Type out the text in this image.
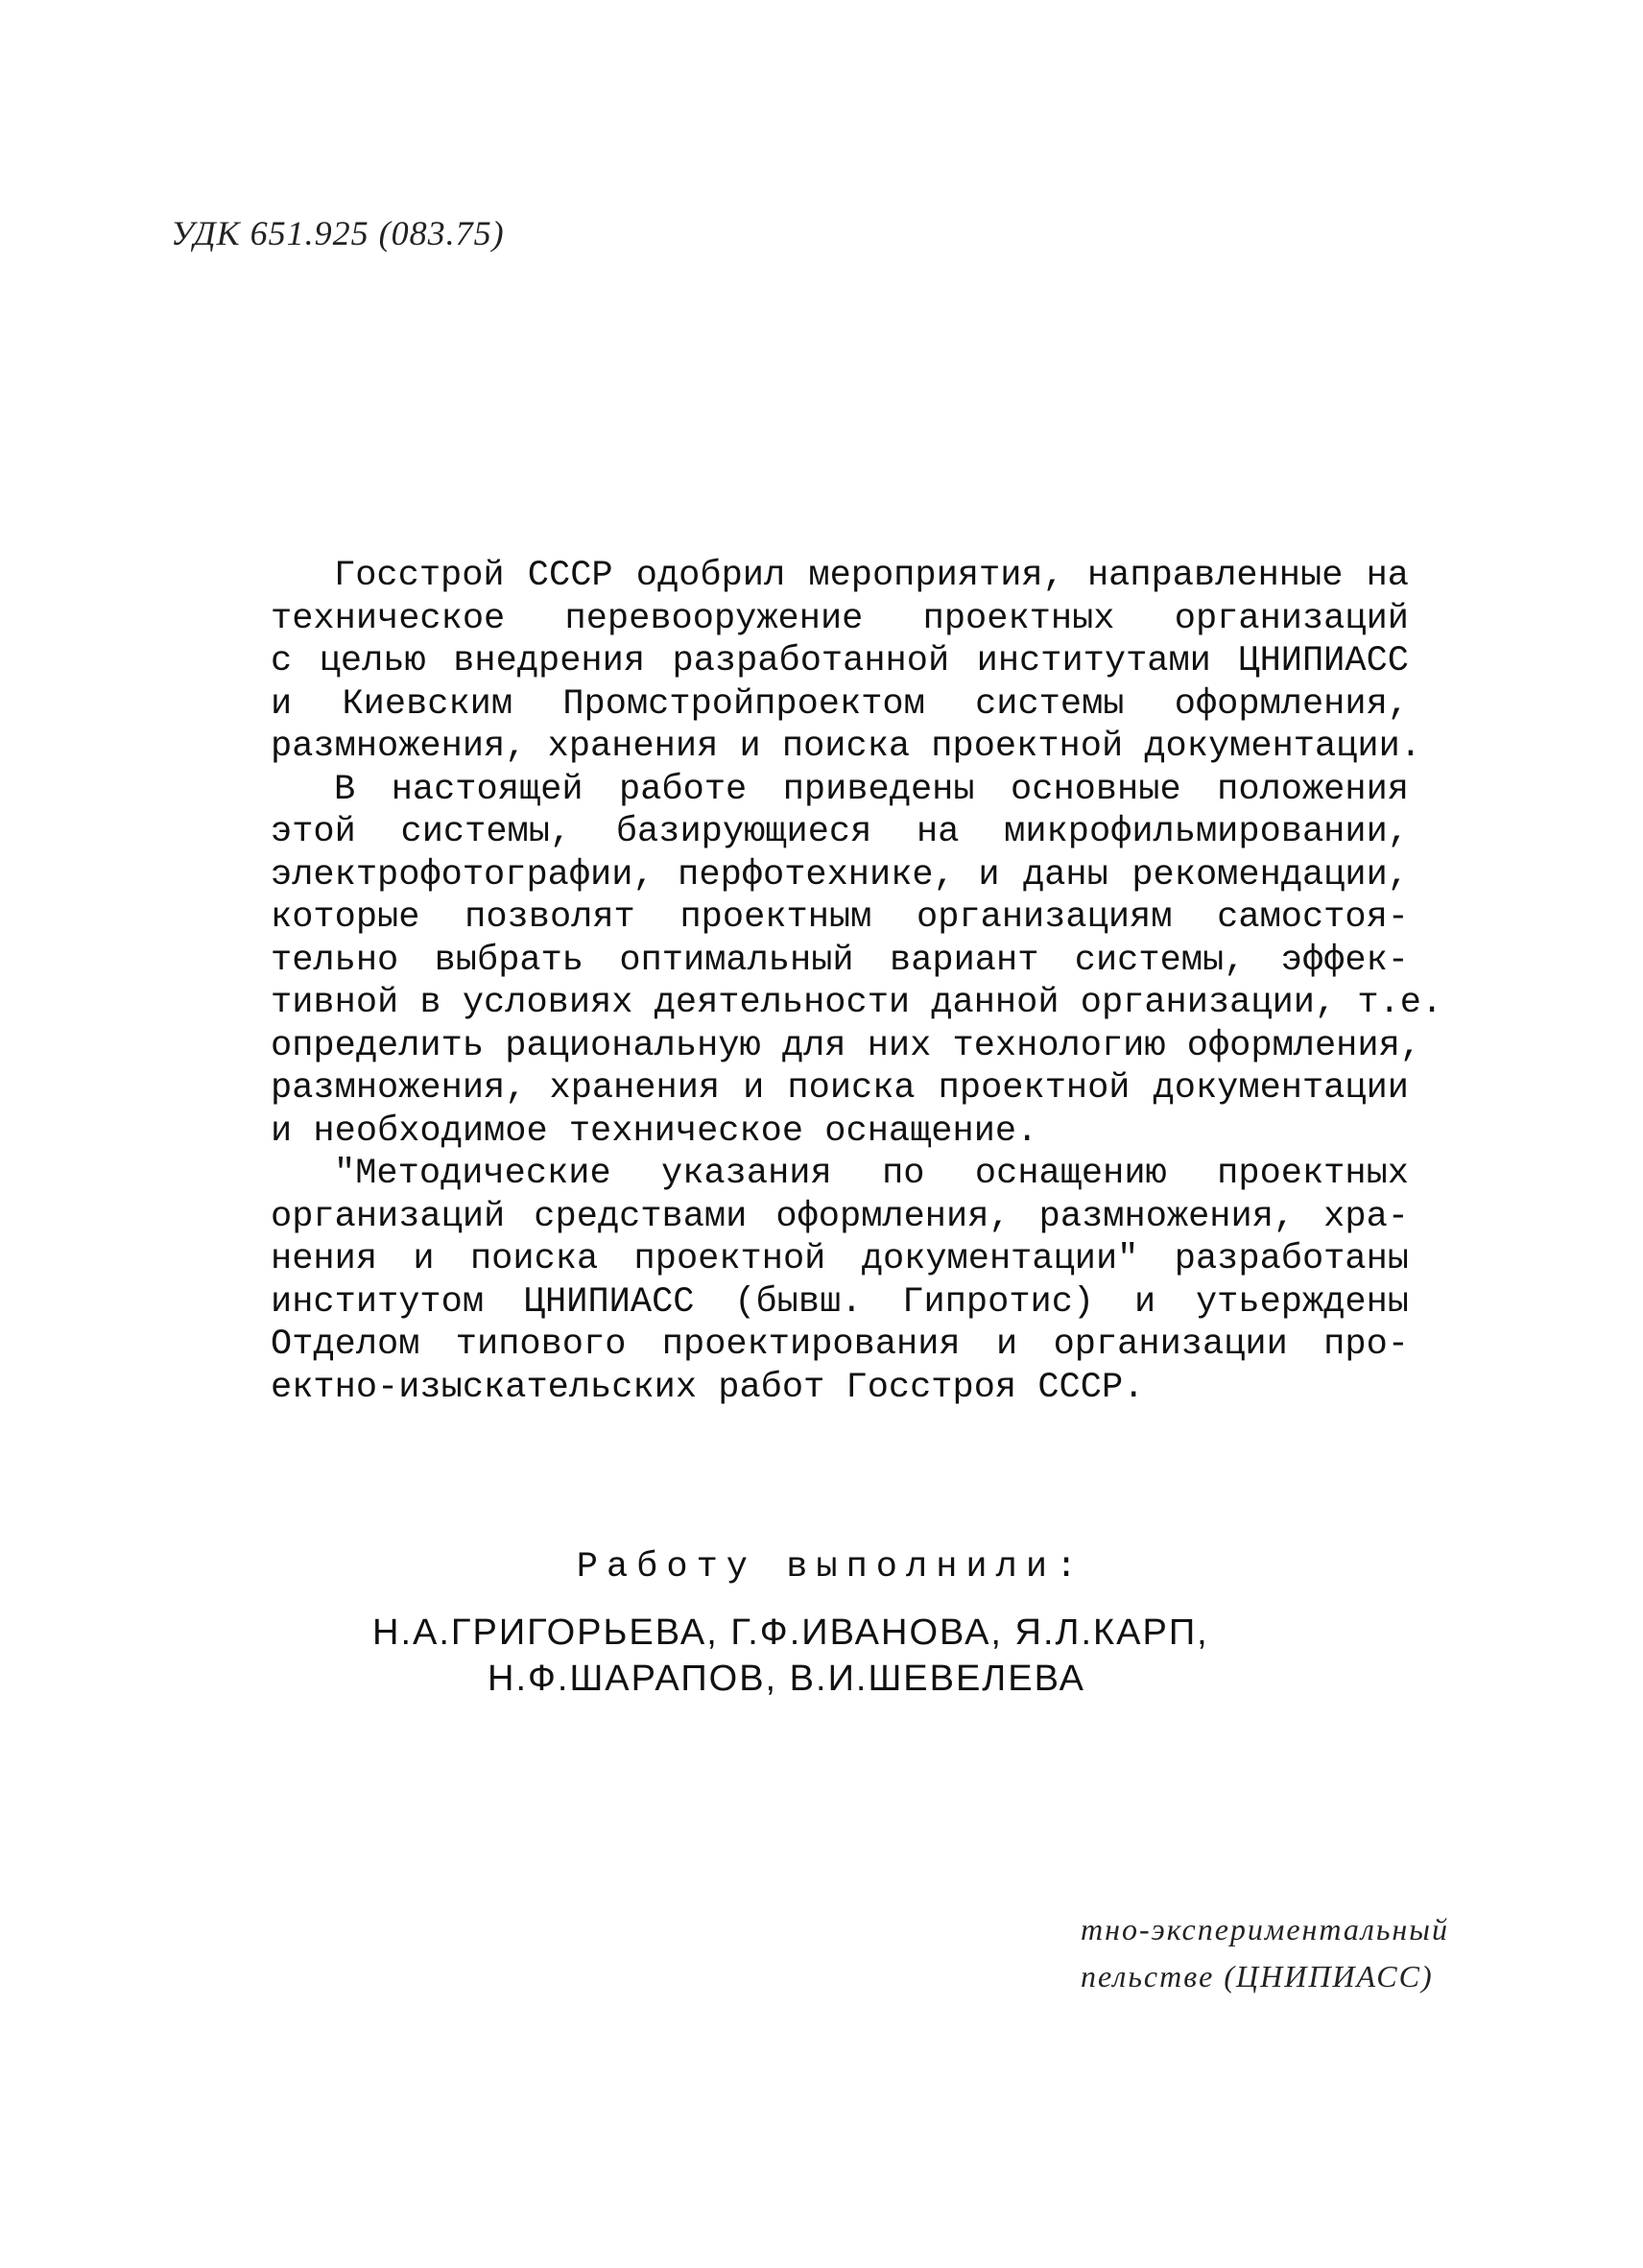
УДК 651.925 (083.75)
Госстрой СССР одобрил мероприятия, направленные на
техническое перевооружение проектных организаций
с целью внедрения разработанной институтами ЦНИПИАСС
и Киевским Промстройпроектом системы оформления,
размножения, хранения и поиска проектной документации.
В настоящей работе приведены основные положения
этой системы, базирующиеся на микрофильмировании,
электрофотографии, перфотехнике, и даны рекомендации,
которые позволят проектным организациям самостоя-
тельно выбрать оптимальный вариант системы, эффек-
тивной в условиях деятельности данной организации, т.е.
определить рациональную для них технологию оформления,
размножения, хранения и поиска проектной документации
и необходимое техническое оснащение.
"Методические указания по оснащению проектных
организаций средствами оформления, размножения, хра-
нения и поиска проектной документации" разработаны
институтом ЦНИПИАСС (бывш. Гипротис) и утьерждены
Отделом типового проектирования и организации про-
ектно-изыскательских работ Госстроя СССР.
Работу выполнили:
Н.А.ГРИГОРЬЕВА, Г.Ф.ИВАНОВА, Я.Л.КАРП,
Н.Ф.ШАРАПОВ, В.И.ШЕВЕЛЕВА
тно-экспериментальный
пельстве (ЦНИПИАСС)
